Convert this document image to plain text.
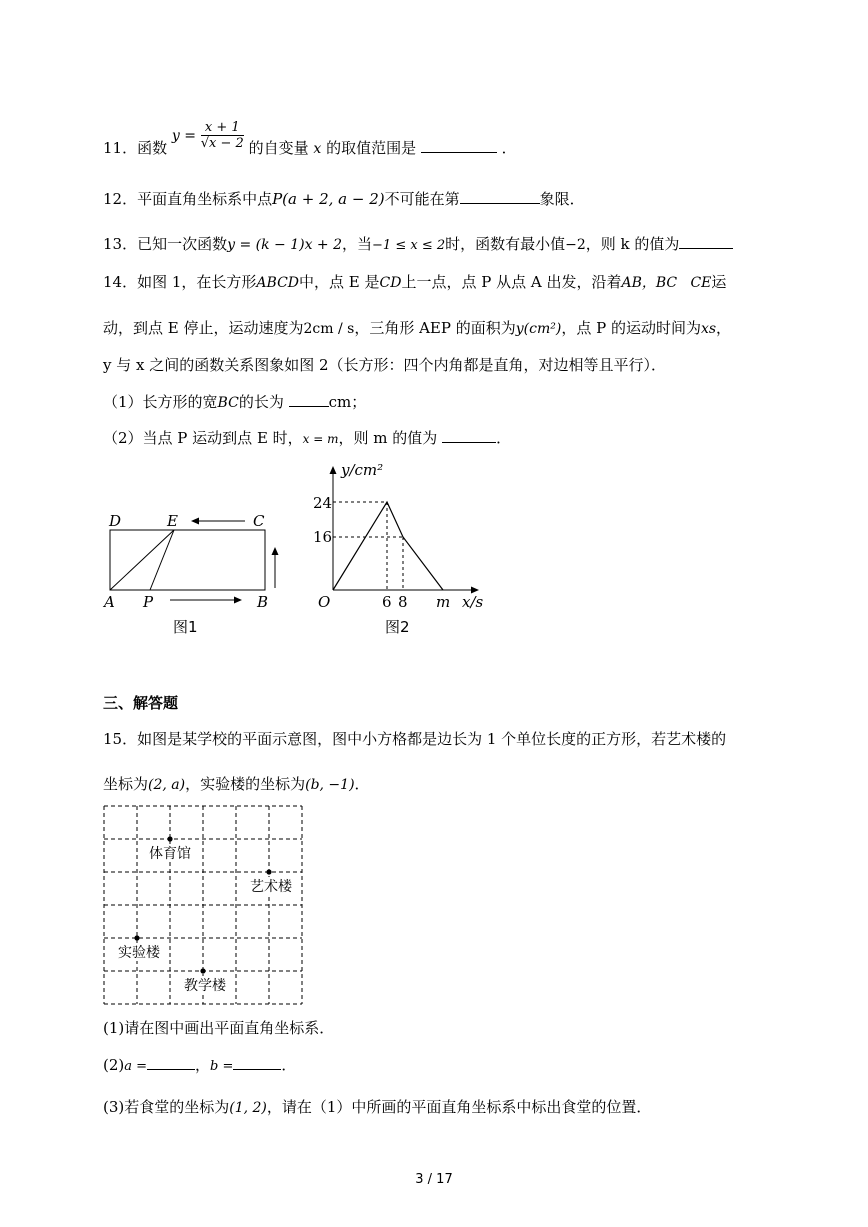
11．函数 $y = \frac{x + 1}{√x - 2}$ 的自变量 x 的取值范围是	．
12．平面直角坐标系中点P(a + 2, a − 2)不可能在第	象限．
13．已知一次函数y = (k − 1)x + 2，当−1 ≤ x ≤ 2时，函数有最小值−2，则 k 的值为
14．如图 1，在长方形ABCD中，点 E 是CD上一点，点 P 从点 A 出发，沿着AB，BC   CE运
动，到点 E 停止，运动速度为2cm / s，三角形 AEP 的面积为y(cm²)，点 P 的运动时间为xs，
y 与 x 之间的函数关系图象如图 2（长方形：四个内角都是直角，对边相等且平行）．
（1）长方形的宽BC的长为	cm；
（2）当点 P 运动到点 E 时，x = m，则 m 的值为	．
D	E	C
A P	B
图1
y/cm²
24
16
O	6 8 m x/s
图2
三、解答题
15．如图是某学校的平面示意图，图中小方格都是边长为 1 个单位长度的正方形，若艺术楼的
坐标为(2, a)，实验楼的坐标为(b, −1)．
体育馆
艺术楼
实验楼
教学楼
(1)请在图中画出平面直角坐标系．
(2)a =	，b =	．
(3)若食堂的坐标为(1, 2)，请在（1）中所画的平面直角坐标系中标出食堂的位置．
3 / 17
